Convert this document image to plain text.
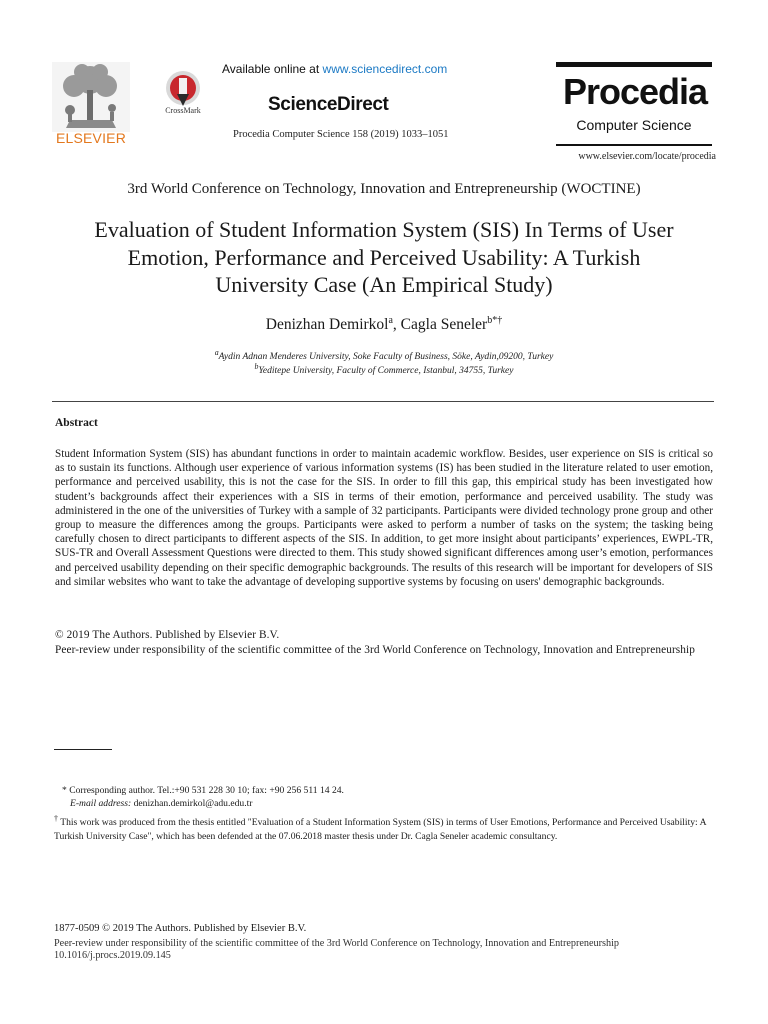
ELSEVIER
CrossMark
Available online at www.sciencedirect.com
ScienceDirect
Procedia Computer Science 158 (2019) 1033–1051
Procedia
Computer Science
www.elsevier.com/locate/procedia
3rd World Conference on Technology, Innovation and Entrepreneurship (WOCTINE)
Evaluation of Student Information System (SIS) In Terms of User
Emotion, Performance and Perceived Usability: A Turkish
University Case (An Empirical Study)
Denizhan Demirkol$^a$, Cagla Seneler$^{b*\dagger}$
$^a$Aydin Adnan Menderes University, Soke Faculty of Business, Söke, Aydin,09200, Turkey
$^b$Yeditepe University, Faculty of Commerce, Istanbul, 34755, Turkey
Abstract
Student Information System (SIS) has abundant functions in order to maintain academic workflow. Besides, user experience on SIS is critical so as to sustain its functions. Although user experience of various information systems (IS) has been studied in the literature related to user emotion, performance and perceived usability, this is not the case for the SIS. In order to fill this gap, this empirical study has been investigated how student’s backgrounds affect their experiences with a SIS in terms of their emotion, performance and perceived usability. The study was administered in the one of the universities of Turkey with a sample of 32 participants. Participants were divided technology prone group and other group to measure the differences among the groups. Participants were asked to perform a number of tasks on the system; the tasking being carefully chosen to direct participants to different aspects of the SIS. In addition, to get more insight about participants’ experiences, EWPL-TR, SUS-TR and Overall Assessment Questions were directed to them. This study showed significant differences among user’s emotion, performances and perceived usability depending on their specific demographic backgrounds. The results of this research will be important for developers of SIS and similar websites who want to take the advantage of developing supportive systems by focusing on users' demographic backgrounds.
© 2019 The Authors. Published by Elsevier B.V.
Peer-review under responsibility of the scientific committee of the 3rd World Conference on Technology, Innovation and Entrepreneurship
* Corresponding author. Tel.:+90 531 228 30 10; fax: +90 256 511 14 24.
E-mail address: denizhan.demirkol@adu.edu.tr
† This work was produced from the thesis entitled "Evaluation of a Student Information System (SIS) in terms of User Emotions, Performance and Perceived Usability: A Turkish University Case", which has been defended at the 07.06.2018 master thesis under Dr. Cagla Seneler academic consultancy.
1877-0509 © 2019 The Authors. Published by Elsevier B.V.
Peer-review under responsibility of the scientific committee of the 3rd World Conference on Technology, Innovation and Entrepreneurship
10.1016/j.procs.2019.09.145
